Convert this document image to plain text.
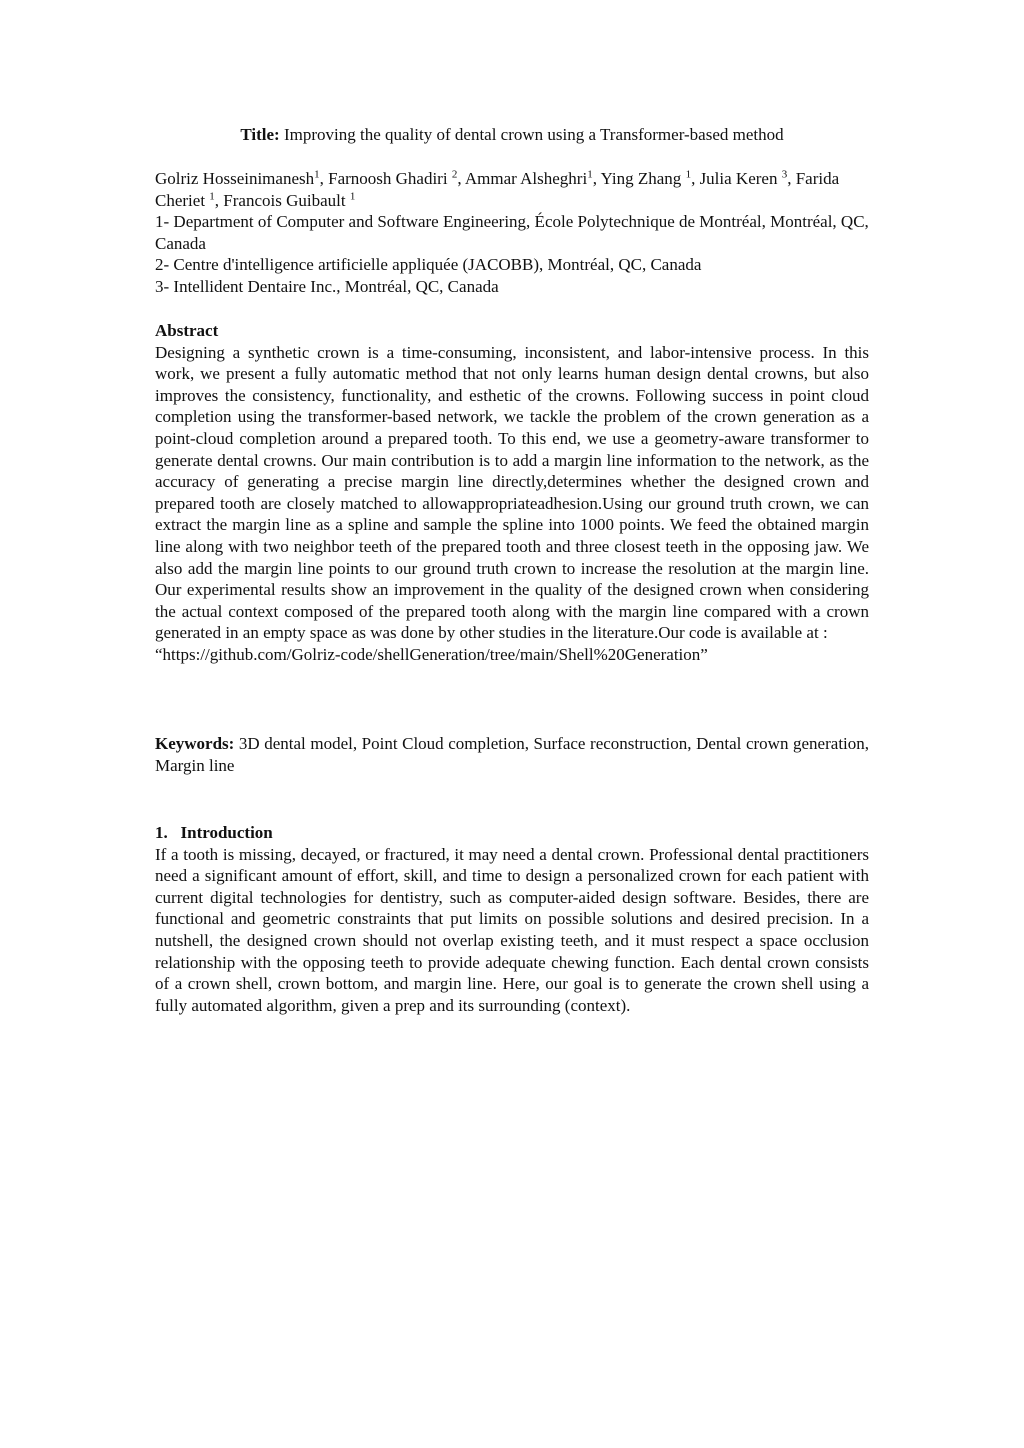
Title: Improving the quality of dental crown using a Transformer-based method
Golriz Hosseinimanesh$^1$, Farnoosh Ghadiri $^2$, Ammar Alsheghri$^1$, Ying Zhang $^1$, Julia Keren $^3$, Farida Cheriet $^1$, Francois Guibault $^1$
1- Department of Computer and Software Engineering, École Polytechnique de Montréal, Montréal, QC, Canada
2- Centre d'intelligence artificielle appliquée (JACOBB), Montréal, QC, Canada
3- Intellident Dentaire Inc., Montréal, QC, Canada
Abstract

Designing a synthetic crown is a time-consuming, inconsistent, and labor-intensive process. In this work, we present a fully automatic method that not only learns human design dental crowns, but also improves the consistency, functionality, and esthetic of the crowns. Following success in point cloud completion using the transformer-based network, we tackle the problem of the crown generation as a point-cloud completion around a prepared tooth. To this end, we use a geometry-aware transformer to generate dental crowns. Our main contribution is to add a margin line information to the network, as the accuracy of generating a precise margin line directly,determines whether the designed crown and prepared tooth are closely matched to allowappropriateadhesion.Using our ground truth crown, we can extract the margin line as a spline and sample the spline into 1000 points. We feed the obtained margin line along with two neighbor teeth of the prepared tooth and three closest teeth in the opposing jaw. We also add the margin line points to our ground truth crown to increase the resolution at the margin line. Our experimental results show an improvement in the quality of the designed crown when considering the actual context composed of the prepared tooth along with the margin line compared with a crown generated in an empty space as was done by other studies in the literature.Our code is available at :

“https://github.com/Golriz-code/shellGeneration/tree/main/Shell%20Generation”
Keywords: 3D dental model, Point Cloud completion, Surface reconstruction, Dental crown generation, Margin line
1. Introduction

If a tooth is missing, decayed, or fractured, it may need a dental crown. Professional dental practitioners need a significant amount of effort, skill, and time to design a personalized crown for each patient with current digital technologies for dentistry, such as computer-aided design software. Besides, there are functional and geometric constraints that put limits on possible solutions and desired precision. In a nutshell, the designed crown should not overlap existing teeth, and it must respect a space occlusion relationship with the opposing teeth to provide adequate chewing function. Each dental crown consists of a crown shell, crown bottom, and margin line. Here, our goal is to generate the crown shell using a fully automated algorithm, given a prep and its surrounding (context).
